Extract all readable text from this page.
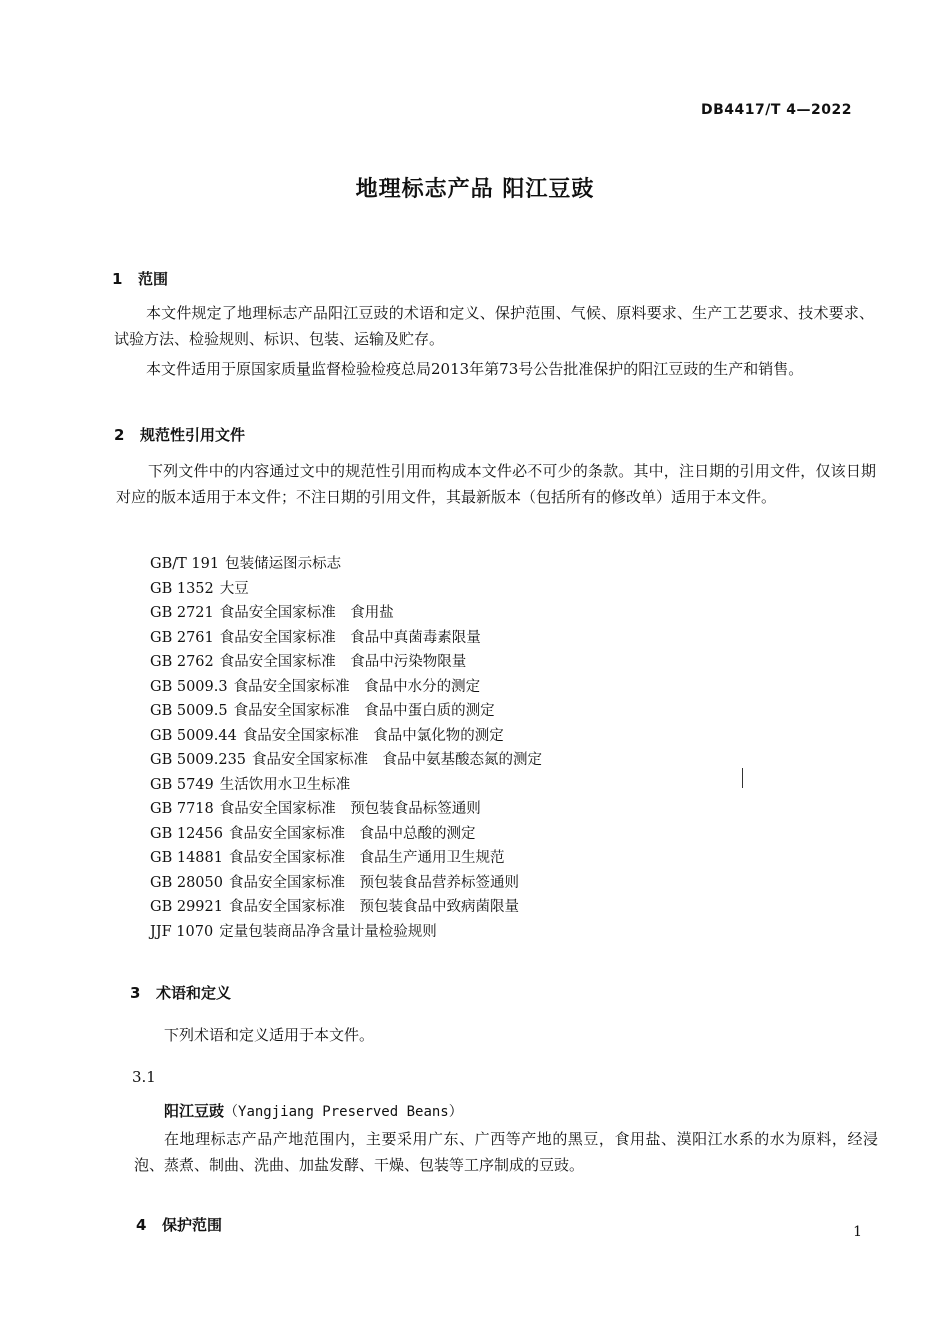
DB4417/T 4—2022
地理标志产品 阳江豆豉
1 范围
本文件规定了地理标志产品阳江豆豉的术语和定义、保护范围、气候、原料要求、生产工艺要求、技术要求、试验方法、检验规则、标识、包装、运输及贮存。
本文件适用于原国家质量监督检验检疫总局2013年第73号公告批准保护的阳江豆豉的生产和销售。
2 规范性引用文件
下列文件中的内容通过文中的规范性引用而构成本文件必不可少的条款。其中，注日期的引用文件，仅该日期对应的版本适用于本文件；不注日期的引用文件，其最新版本（包括所有的修改单）适用于本文件。
GB/T 191 包装储运图示标志
GB 1352 大豆
GB 2721 食品安全国家标准　食用盐
GB 2761 食品安全国家标准　食品中真菌毒素限量
GB 2762 食品安全国家标准　食品中污染物限量
GB 5009.3 食品安全国家标准　食品中水分的测定
GB 5009.5 食品安全国家标准　食品中蛋白质的测定
GB 5009.44 食品安全国家标准　食品中氯化物的测定
GB 5009.235 食品安全国家标准　食品中氨基酸态氮的测定
GB 5749 生活饮用水卫生标准
GB 7718 食品安全国家标准　预包装食品标签通则
GB 12456 食品安全国家标准　食品中总酸的测定
GB 14881 食品安全国家标准　食品生产通用卫生规范
GB 28050 食品安全国家标准　预包装食品营养标签通则
GB 29921 食品安全国家标准　预包装食品中致病菌限量
JJF 1070 定量包装商品净含量计量检验规则
3 术语和定义
下列术语和定义适用于本文件。
3.1
阳江豆豉（Yangjiang Preserved Beans）
在地理标志产品产地范围内，主要采用广东、广西等产地的黑豆，食用盐、漠阳江水系的水为原料，经浸泡、蒸煮、制曲、洗曲、加盐发酵、干燥、包装等工序制成的豆豉。
4 保护范围	1
